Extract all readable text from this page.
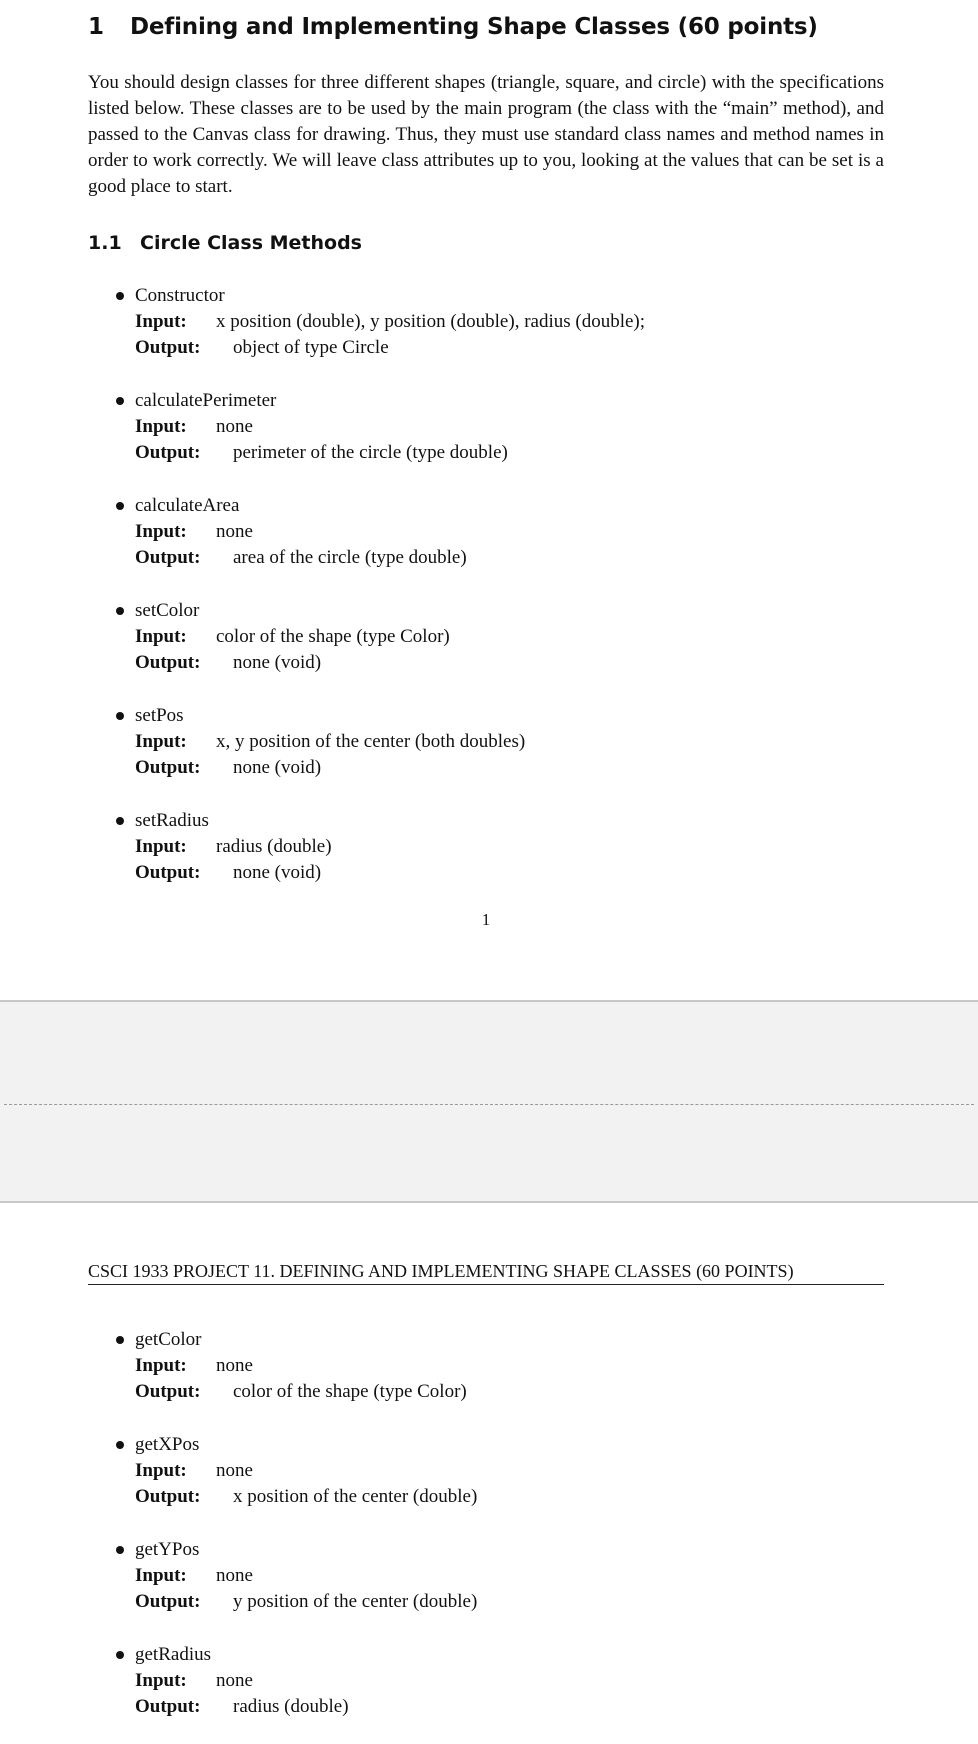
1 Defining and Implementing Shape Classes (60 points)

You should design classes for three different shapes (triangle, square, and circle) with the specifications listed below. These classes are to be used by the main program (the class with the “main” method), and passed to the Canvas class for drawing. Thus, they must use standard class names and method names in order to work correctly. We will leave class attributes up to you, looking at the values that can be set is a good place to start.

1.1 Circle Class Methods
Constructor
Input: x position (double), y position (double), radius (double);
Output: object of type Circle
calculatePerimeter
Input: none
Output: perimeter of the circle (type double)
calculateArea
Input: none
Output: area of the circle (type double)
setColor
Input: color of the shape (type Color)
Output: none (void)
setPos
Input: x, y position of the center (both doubles)
Output: none (void)
setRadius
Input: radius (double)
Output: none (void)
1
CSCI 1933 PROJECT 11. DEFINING AND IMPLEMENTING SHAPE CLASSES (60 POINTS)
getColor
Input: none
Output: color of the shape (type Color)
getXPos
Input: none
Output: x position of the center (double)
getYPos
Input: none
Output: y position of the center (double)
getRadius
Input: none
Output: radius (double)
